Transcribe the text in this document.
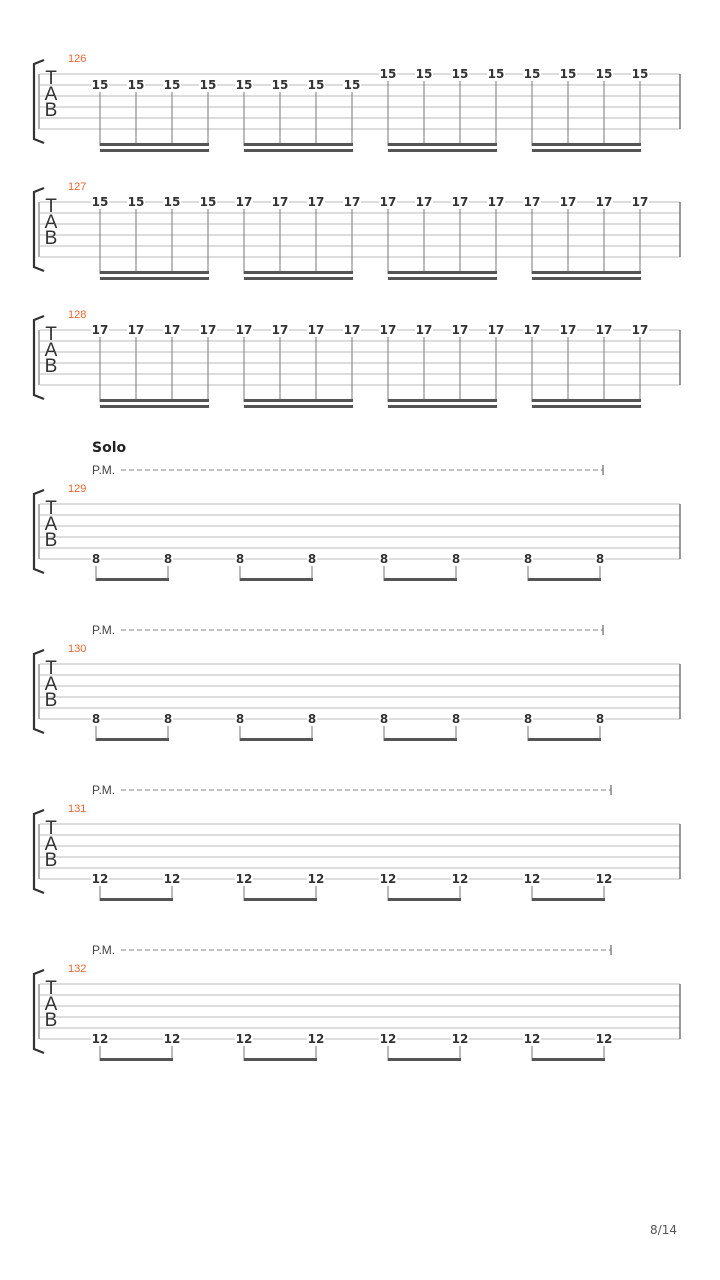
8/14
T
A
B
126
15 15 15 15 15 15 15 15
15 15 15 15 15 15 15 15
T
A
B
127
15 15 15 15 17 17 17 17 17 17 17 17 17 17 17 17
T
A
B
128
17 17 17 17 17 17 17 17 17 17 17 17 17 17 17 17
T
A
B
129
Solo
P.M.
8	8	8	8	8	8	8	8
T
A
B
130
P.M.
8	8	8	8	8	8	8	8
T
A
B
131
P.M.
12	12	12	12	12	12	12	12
T
A
B
132
P.M.
12	12	12	12	12	12	12	12
